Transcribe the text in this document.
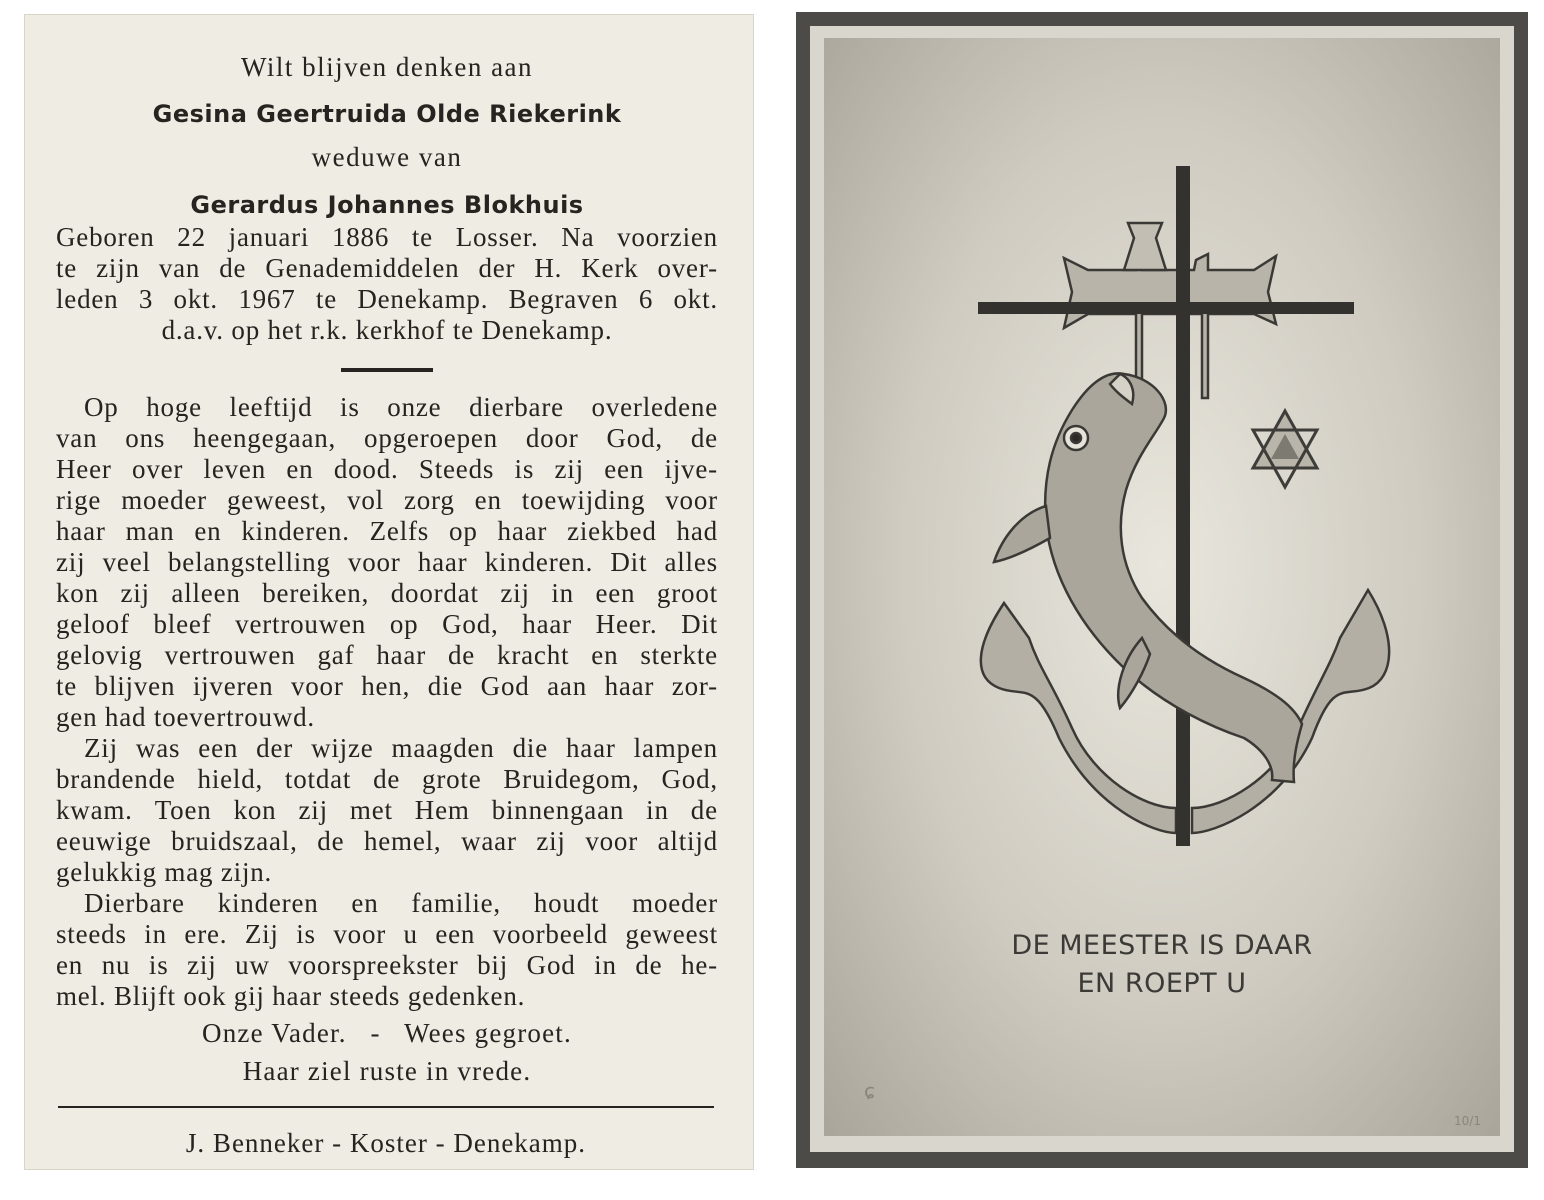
Wilt blijven denken aan
Gesina Geertruida Olde Riekerink
weduwe van
Gerardus Johannes Blokhuis
Geboren 22 januari 1886 te Losser. Na voorzien
te zijn van de Genademiddelen der H. Kerk over-
leden 3 okt. 1967 te Denekamp. Begraven 6 okt.
d.a.v. op het r.k. kerkhof te Denekamp.
Op hoge leeftijd is onze dierbare overledene
van ons heengegaan, opgeroepen door God, de
Heer over leven en dood. Steeds is zij een ijve-
rige moeder geweest, vol zorg en toewijding voor
haar man en kinderen. Zelfs op haar ziekbed had
zij veel belangstelling voor haar kinderen. Dit alles
kon zij alleen bereiken, doordat zij in een groot
geloof bleef vertrouwen op God, haar Heer. Dit
gelovig vertrouwen gaf haar de kracht en sterkte
te blijven ijveren voor hen, die God aan haar zor-
gen had toevertrouwd.
Zij was een der wijze maagden die haar lampen
brandende hield, totdat de grote Bruidegom, God,
kwam. Toen kon zij met Hem binnengaan in de
eeuwige bruidszaal, de hemel, waar zij voor altijd
gelukkig mag zijn.
Dierbare kinderen en familie, houdt moeder
steeds in ere. Zij is voor u een voorbeeld geweest
en nu is zij uw voorspreekster bij God in de he-
mel. Blijft ook gij haar steeds gedenken.
Onze Vader.   -   Wees gegroet.
Haar ziel ruste in vrede.
J. Benneker - Koster - Denekamp.
ɕ
DE MEESTER IS DAAR
EN ROEPT U
10/1
